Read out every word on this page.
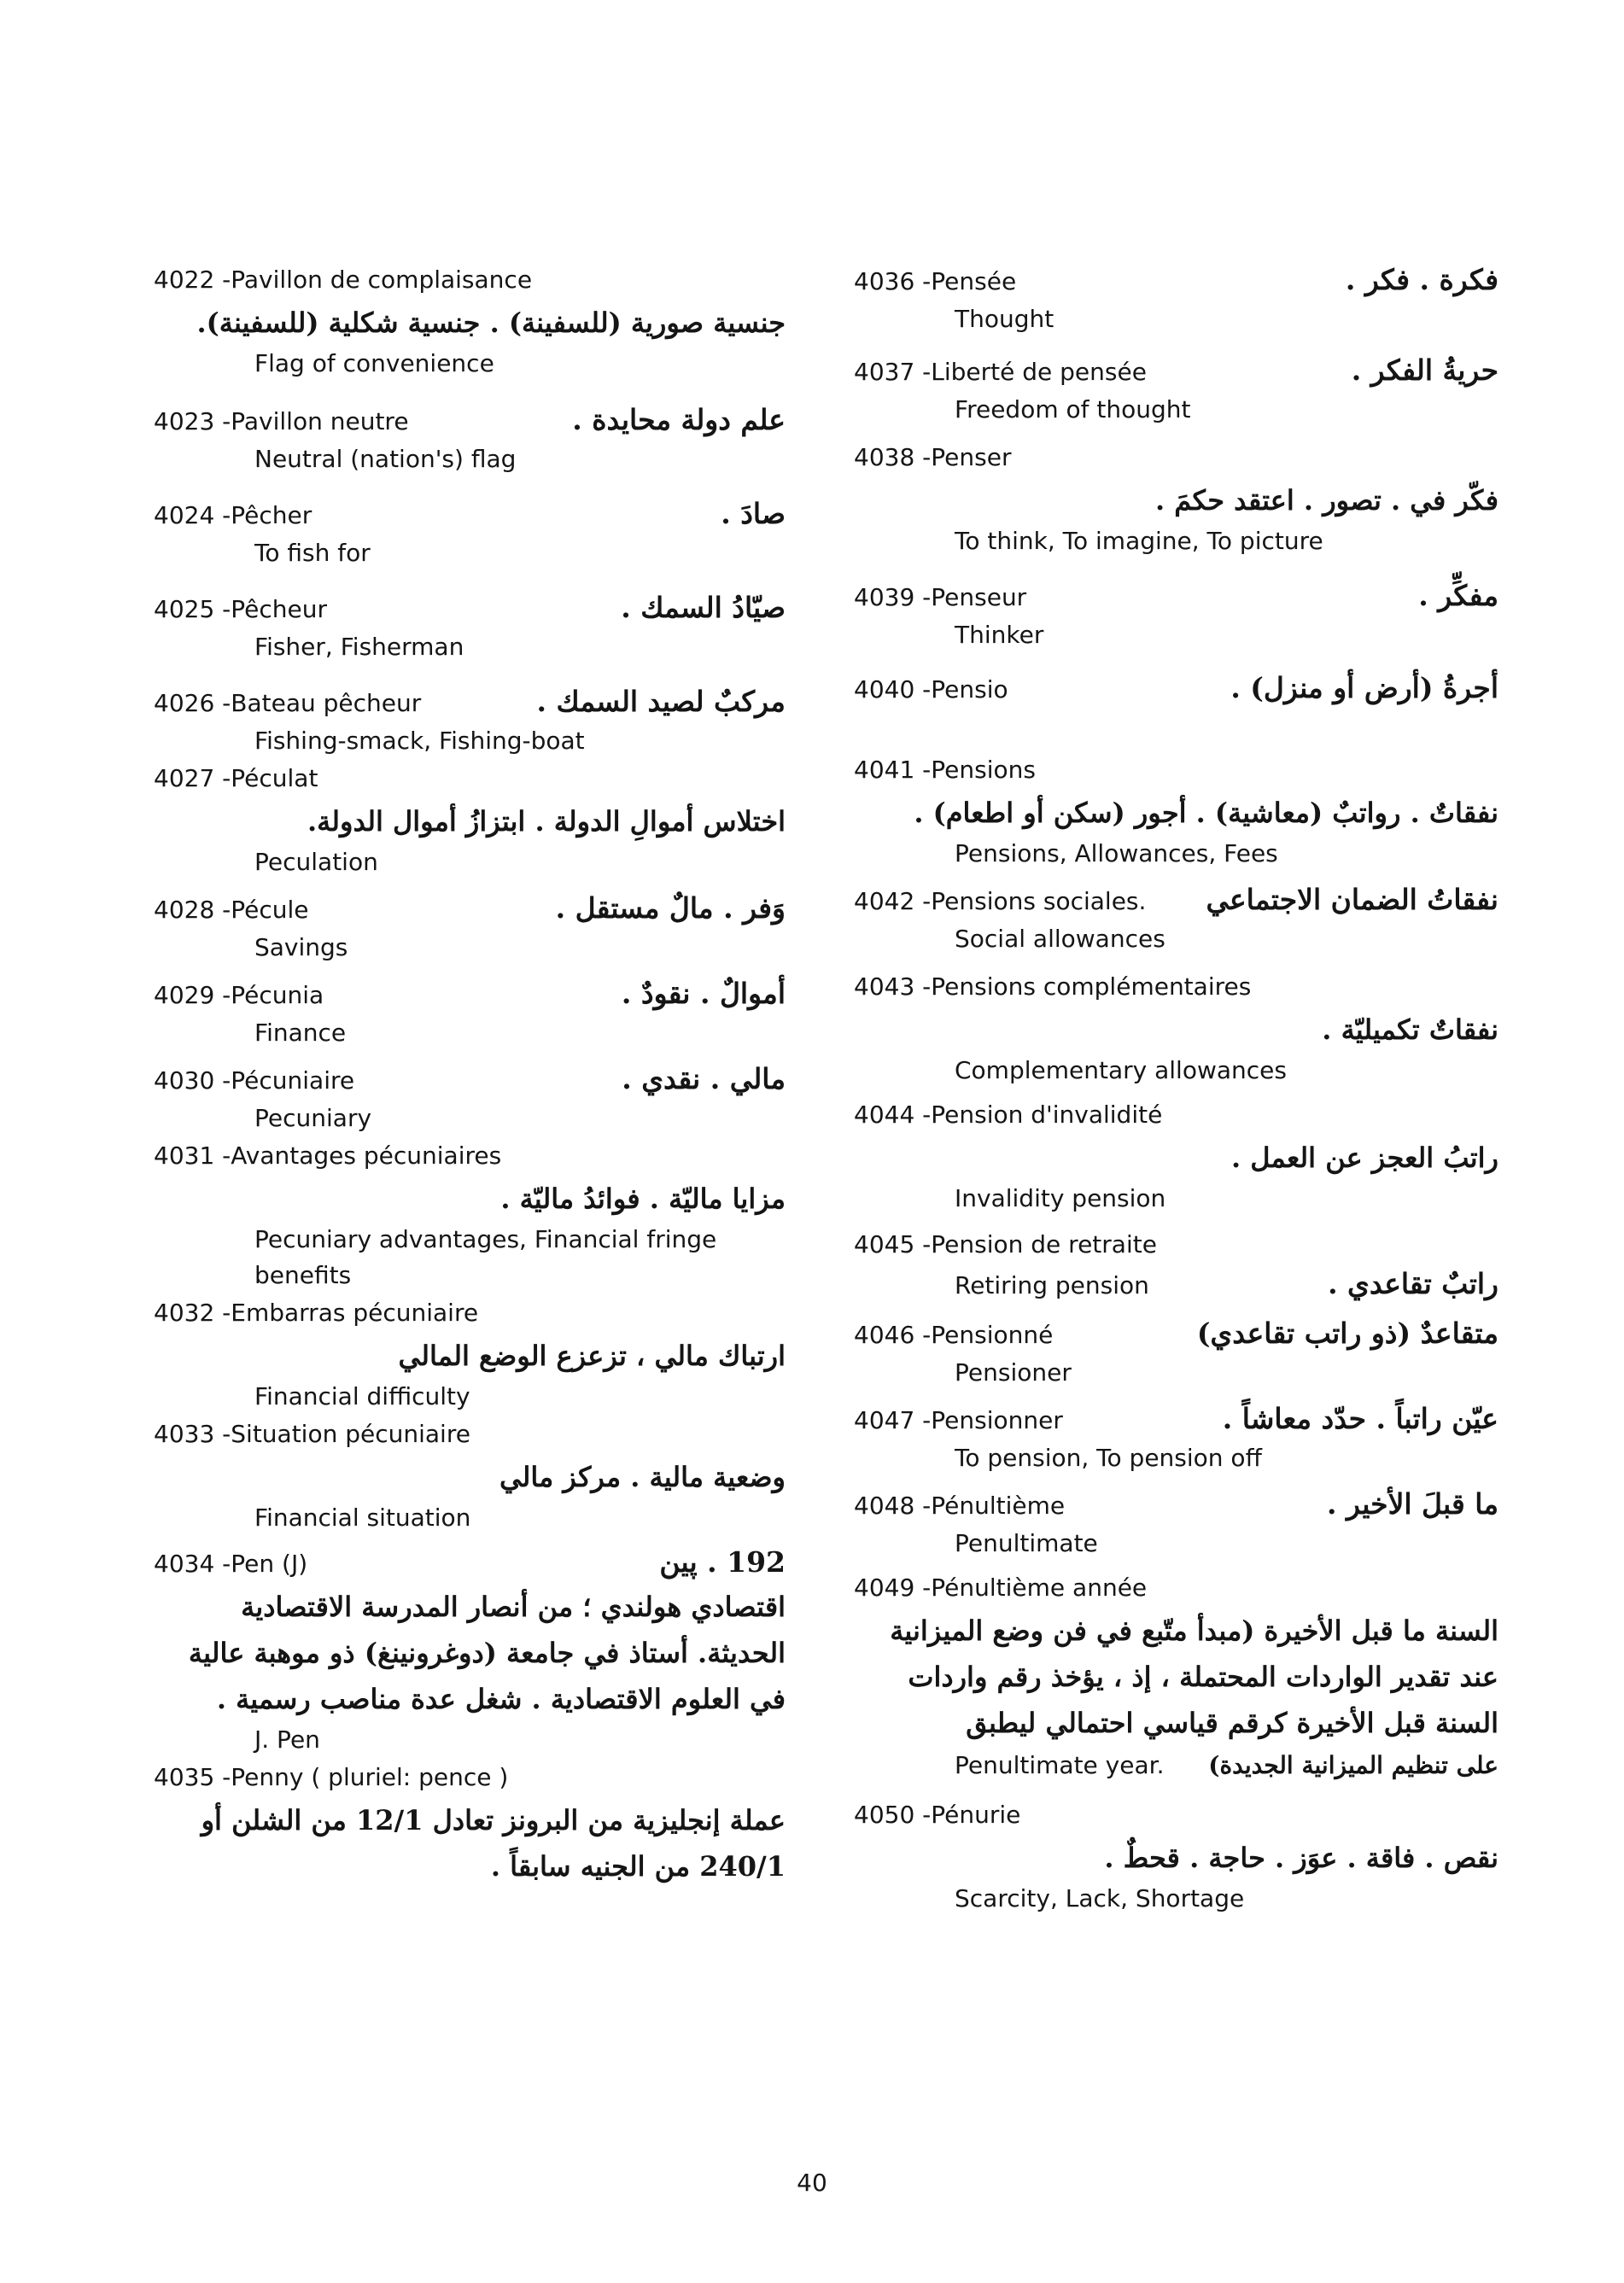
4022 - Pavillon de complaisance
جنسية صورية (للسفينة) . جنسية شكلية (للسفينة).
Flag of convenience
4023 - Pavillon neutre	علم دولة محايدة .
Neutral (nation's) flag
4024 - Pêcher	صادَ .
To fish for
4025 - Pêcheur	صيّادُ السمك .
Fisher, Fisherman
4026 - Bateau pêcheur	مركبٌ لصيد السمك .
Fishing-smack, Fishing-boat
4027 - Péculat
اختلاس أموالِ الدولة . ابتزازُ أموال الدولة.
Peculation
4028 - Pécule	وَفر . مالٌ مستقل .
Savings
4029 - Pécunia	أموالٌ . نقودٌ .
Finance
4030 - Pécuniaire	مالي . نقدي .
Pecuniary
4031 - Avantages pécuniaires
مزايا ماليّة . فوائدُ ماليّة .
Pecuniary advantages, Financial fringe benefits
4032 - Embarras pécuniaire
ارتباك مالي ، تزعزع الوضع المالي
Financial difficulty
4033 - Situation pécuniaire
وضعية مالية . مركز مالي
Financial situation
4034 - Pen (J)	192 . پين
اقتصادي هولندي ؛ من أنصار المدرسة الاقتصادية الحديثة. أستاذ في جامعة (دوغرونينغ) ذو موهبة عالية في العلوم الاقتصادية . شغل عدة مناصب رسمية .
J. Pen
4035 - Penny ( pluriel: pence )
عملة إنجليزية من البرونز تعادل 12/1 من الشلن أو 240/1 من الجنيه سابقاً .
4036 - Pensée	فكرة . فكر .
Thought
4037 - Liberté de pensée	حريةُ الفكر .
Freedom of thought
4038 - Penser
فكّر في . تصور . اعتقد حكمَ .
To think, To imagine, To picture
4039 - Penseur	مفكِّر .
Thinker
4040 - Pensio	أجرةُ (أرض أو منزل) .
4041 - Pensions
نفقاتٌ . رواتبٌ (معاشية) . أجور (سكن أو اطعام) .
Pensions, Allowances, Fees
4042 - Pensions sociales.	نفقاتُ الضمان الاجتماعي
Social allowances
4043 - Pensions complémentaires
نفقاتٌ تكميليّة .
Complementary allowances
4044 - Pension d'invalidité
راتبُ العجز عن العمل .
Invalidity pension
4045 - Pension de retraite
Retiring pension	راتبٌ تقاعدي .
4046 - Pensionné	متقاعدٌ (ذو راتب تقاعدي)
Pensioner
4047 - Pensionner	عيّن راتباً . حدّد معاشاً .
To pension, To pension off
4048 - Pénultième	ما قبلَ الأخير .
Penultimate
4049 - Pénultième année
السنة ما قبل الأخيرة (مبدأ متّبع في فن وضع الميزانية عند تقدير الواردات المحتملة ، إذ ، يؤخذ رقم واردات السنة قبل الأخيرة كرقم قياسي احتمالي ليطبق
Penultimate year.	على تنظيم الميزانية الجديدة)
4050 - Pénurie
نقص . فاقة . عوَز . حاجة . قحطٌ .
Scarcity, Lack, Shortage
40
